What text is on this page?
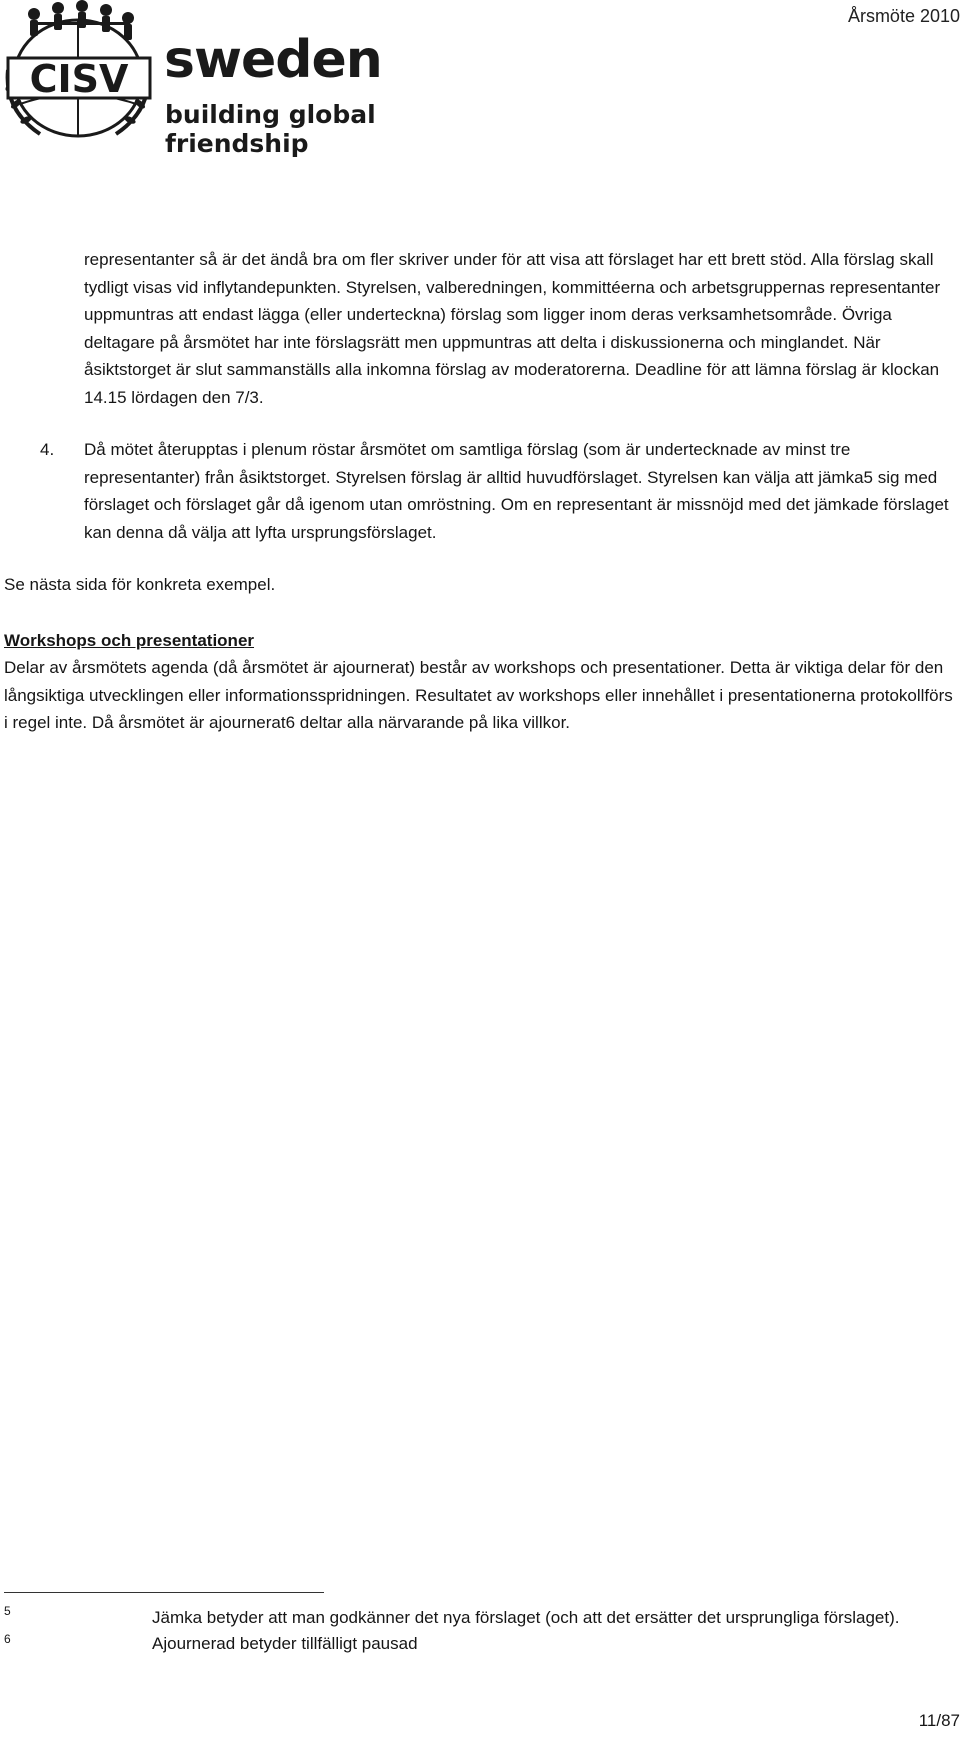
CISV sweden
building global friendship
Årsmöte 2010

representanter så är det ändå bra om fler skriver under för att visa att förslaget har ett brett stöd. Alla förslag skall tydligt visas vid inflytandepunkten. Styrelsen, valberedningen, kommittéerna och arbetsgruppernas representanter uppmuntras att endast lägga (eller underteckna) förslag som ligger inom deras verksamhetsområde. Övriga deltagare på årsmötet har inte förslagsrätt men uppmuntras att delta i diskussionerna och minglandet. När åsiktstorget är slut sammanställs alla inkomna förslag av moderatorerna. Deadline för att lämna förslag är klockan 14.15 lördagen den 7/3.

4.	Då mötet återupptas i plenum röstar årsmötet om samtliga förslag (som är undertecknade av minst tre representanter) från åsiktstorget. Styrelsen förslag är alltid huvudförslaget. Styrelsen kan välja att jämka5 sig med förslaget och förslaget går då igenom utan omröstning. Om en representant är missnöjd med det jämkade förslaget kan denna då välja att lyfta ursprungsförslaget.

Se nästa sida för konkreta exempel.

Workshops och presentationer

Delar av årsmötets agenda (då årsmötet är ajournerat) består av workshops och presentationer. Detta är viktiga delar för den långsiktiga utvecklingen eller informationsspridningen. Resultatet av workshops eller innehållet i presentationerna protokollförs i regel inte. Då årsmötet är ajournerat6 deltar alla närvarande på lika villkor.

5
6
Jämka betyder att man godkänner det nya förslaget (och att det ersätter det ursprungliga förslaget).
Ajournerad betyder tillfälligt pausad
11/87
